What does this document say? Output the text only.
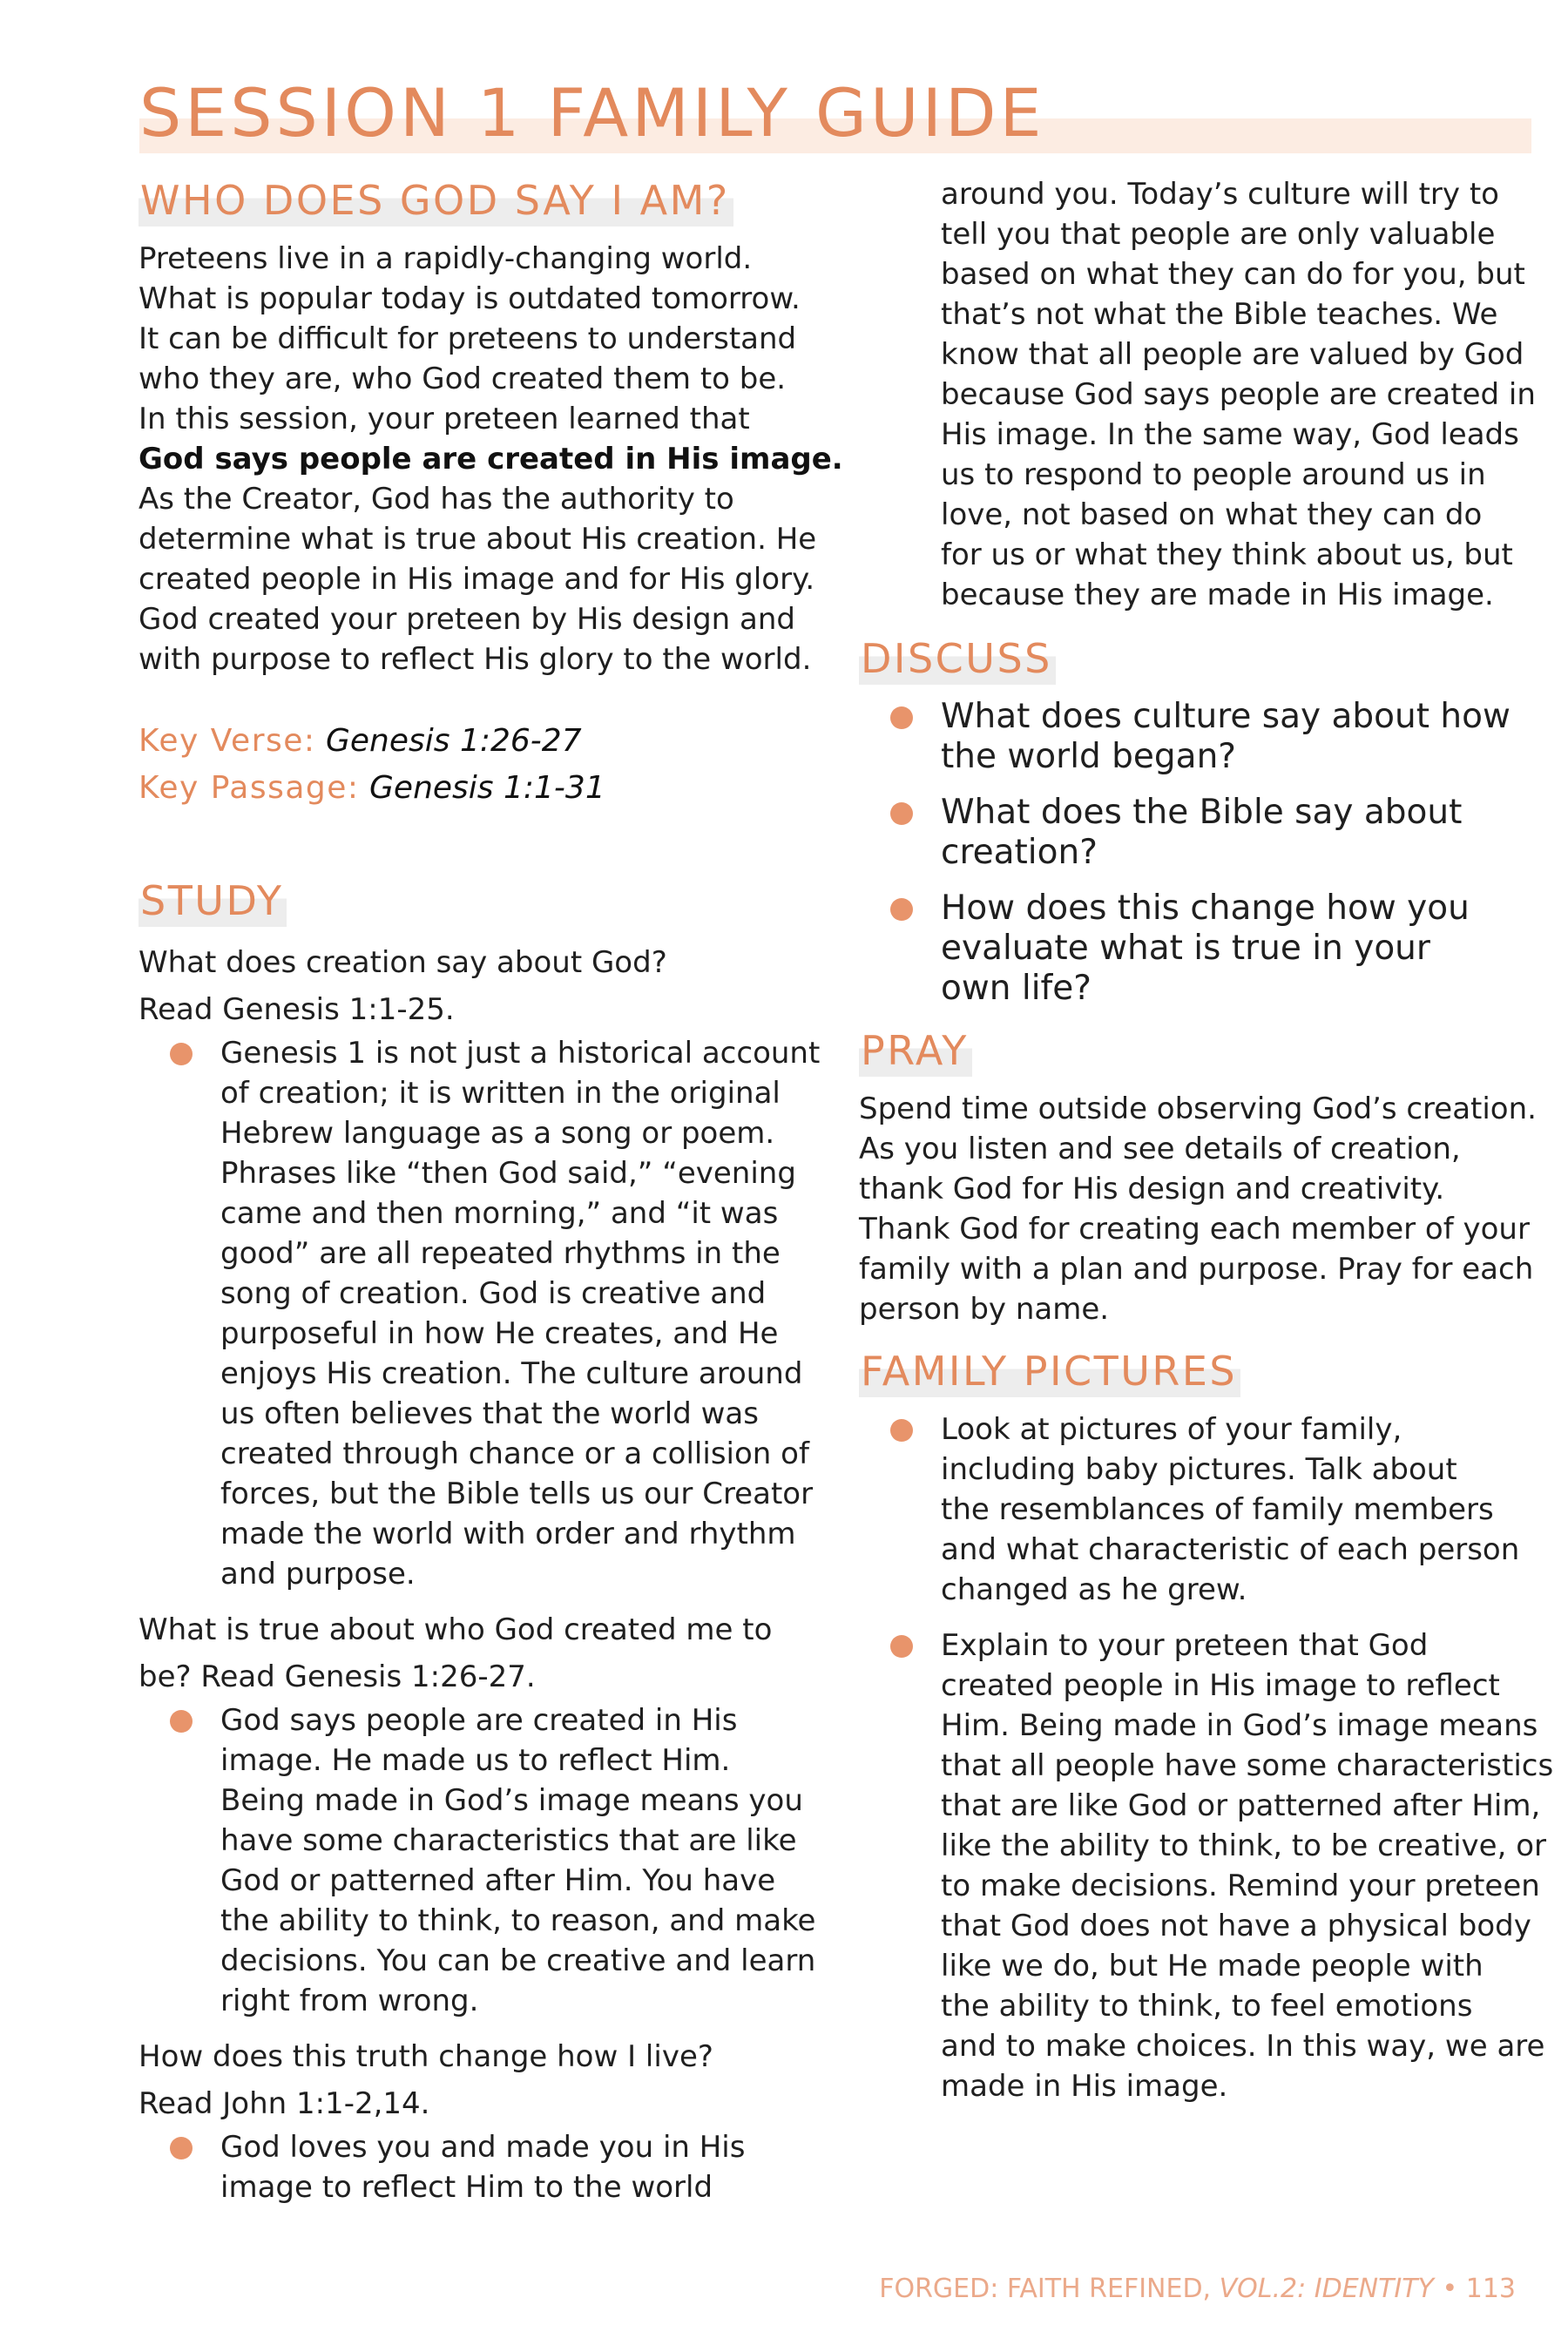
SESSION 1 FAMILY GUIDE
WHO DOES GOD SAY I AM?

Preteens live in a rapidly-changing world.

What is popular today is outdated tomorrow.

It can be difficult for preteens to understand

who they are, who God created them to be.

In this session, your preteen learned that

God says people are created in His image.

As the Creator, God has the authority to

determine what is true about His creation. He

created people in His image and for His glory.

God created your preteen by His design and

with purpose to reflect His glory to the world.

Key Verse: Genesis 1:26-27
Key Passage: Genesis 1:1-31
STUDY

What does creation say about God?

Read Genesis 1:1-25.

Genesis 1 is not just a historical account

of creation; it is written in the original

Hebrew language as a song or poem.

Phrases like “then God said,” “evening

came and then morning,” and “it was

good” are all repeated rhythms in the

song of creation. God is creative and

purposeful in how He creates, and He

enjoys His creation. The culture around

us often believes that the world was

created through chance or a collision of

forces, but the Bible tells us our Creator

made the world with order and rhythm

and purpose.

What is true about who God created me to

be? Read Genesis 1:26-27.

God says people are created in His

image. He made us to reflect Him.

Being made in God’s image means you

have some characteristics that are like

God or patterned after Him. You have

the ability to think, to reason, and make

decisions. You can be creative and learn

right from wrong.

How does this truth change how I live?

Read John 1:1-2,14.

God loves you and made you in His

image to reflect Him to the world

around you. Today’s culture will try to

tell you that people are only valuable

based on what they can do for you, but

that’s not what the Bible teaches. We

know that all people are valued by God

because God says people are created in

His image. In the same way, God leads

us to respond to people around us in

love, not based on what they can do

for us or what they think about us, but

because they are made in His image.

DISCUSS

What does culture say about how

the world began?

What does the Bible say about

creation?

How does this change how you

evaluate what is true in your

own life?

PRAY

Spend time outside observing God’s creation.

As you listen and see details of creation,

thank God for His design and creativity.

Thank God for creating each member of your

family with a plan and purpose. Pray for each

person by name.

FAMILY PICTURES

Look at pictures of your family,

including baby pictures. Talk about

the resemblances of family members

and what characteristic of each person

changed as he grew.

Explain to your preteen that God

created people in His image to reflect

Him. Being made in God’s image means

that all people have some characteristics

that are like God or patterned after Him,

like the ability to think, to be creative, or

to make decisions. Remind your preteen

that God does not have a physical body

like we do, but He made people with

the ability to think, to feel emotions

and to make choices. In this way, we are

made in His image.

FORGED: FAITH REFINED, VOL.2: IDENTITY • 113
